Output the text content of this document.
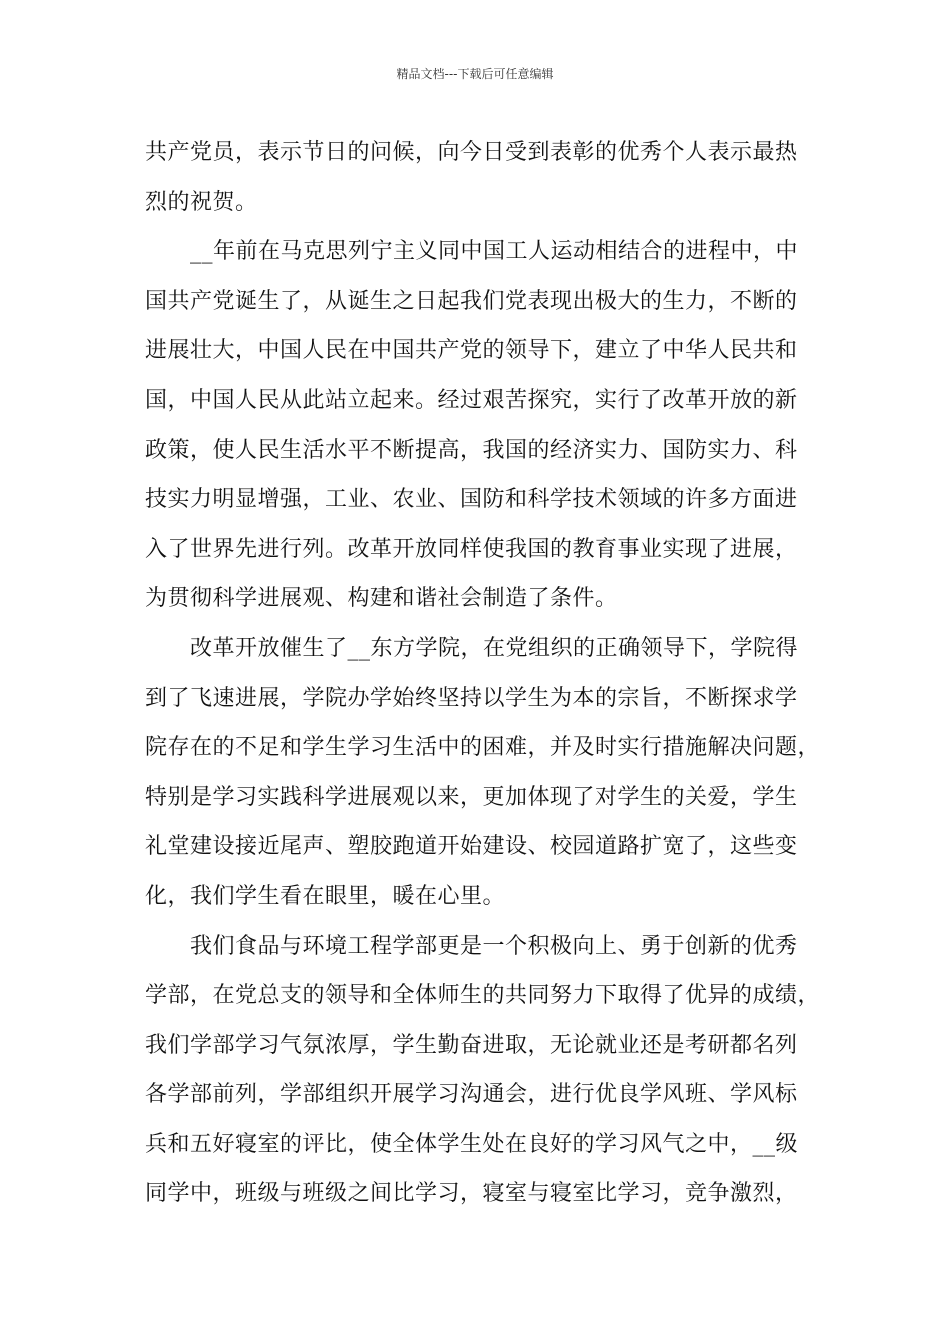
精品文档---下载后可任意编辑
共产党员，表示节日的问候，向今日受到表彰的优秀个人表示最热
烈的祝贺。
__年前在马克思列宁主义同中国工人运动相结合的进程中，中
国共产党诞生了，从诞生之日起我们党表现出极大的生力，不断的
进展壮大，中国人民在中国共产党的领导下，建立了中华人民共和
国，中国人民从此站立起来。经过艰苦探究，实行了改革开放的新
政策，使人民生活水平不断提高，我国的经济实力、国防实力、科
技实力明显增强，工业、农业、国防和科学技术领域的许多方面进
入了世界先进行列。改革开放同样使我国的教育事业实现了进展，
为贯彻科学进展观、构建和谐社会制造了条件。
改革开放催生了__东方学院，在党组织的正确领导下，学院得
到了飞速进展，学院办学始终坚持以学生为本的宗旨，不断探求学
院存在的不足和学生学习生活中的困难，并及时实行措施解决问题，
特别是学习实践科学进展观以来，更加体现了对学生的关爱，学生
礼堂建设接近尾声、塑胶跑道开始建设、校园道路扩宽了，这些变
化，我们学生看在眼里，暖在心里。
我们食品与环境工程学部更是一个积极向上、勇于创新的优秀
学部，在党总支的领导和全体师生的共同努力下取得了优异的成绩，
我们学部学习气氛浓厚，学生勤奋进取，无论就业还是考研都名列
各学部前列，学部组织开展学习沟通会，进行优良学风班、学风标
兵和五好寝室的评比，使全体学生处在良好的学习风气之中，__级
同学中，班级与班级之间比学习，寝室与寝室比学习，竞争激烈，
